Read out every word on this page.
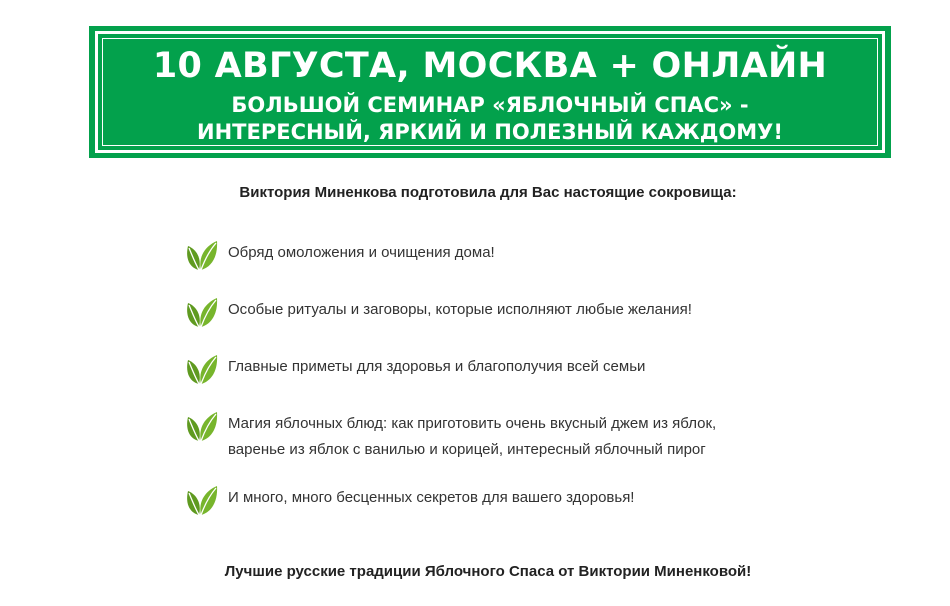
10 АВГУСТА, МОСКВА + ОНЛАЙН
БОЛЬШОЙ СЕМИНАР «ЯБЛОЧНЫЙ СПАС» -
ИНТЕРЕСНЫЙ, ЯРКИЙ И ПОЛЕЗНЫЙ КАЖДОМУ!
Виктория Миненкова подготовила для Вас настоящие сокровища:
Обряд омоложения и очищения дома!
Особые ритуалы и заговоры, которые исполняют любые желания!
Главные приметы для здоровья и благополучия всей семьи
Магия яблочных блюд: как приготовить очень вкусный джем из яблок,
варенье из яблок с ванилью и корицей, интересный яблочный пирог
И много, много бесценных секретов для вашего здоровья!
Лучшие русские традиции Яблочного Спаса от Виктории Миненковой!
